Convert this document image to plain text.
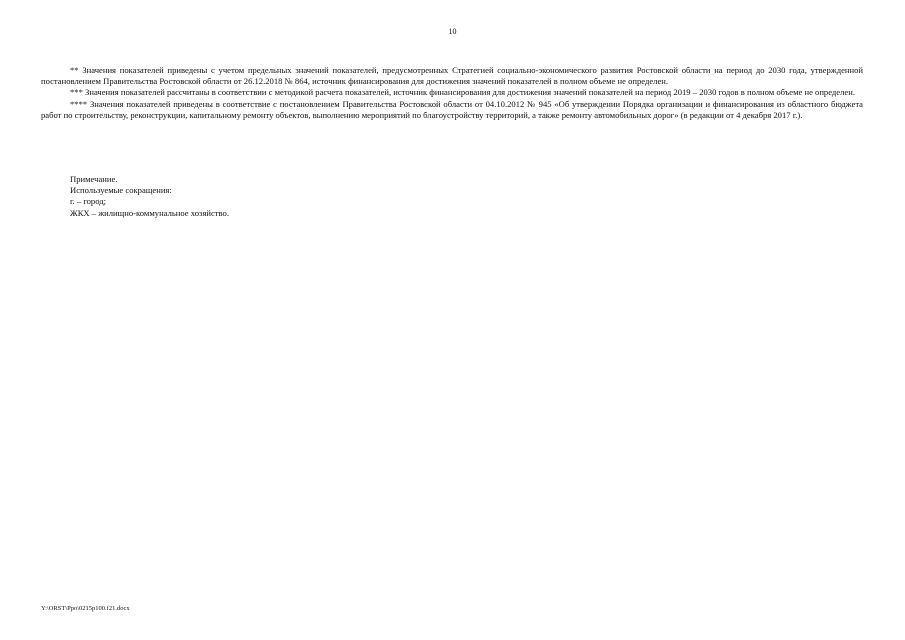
10

** Значения показателей приведены с учетом предельных значений показателей, предусмотренных Стратегией социально-экономического развития Ростовской области на период до 2030 года, утвержденной постановлением Правительства Ростовской области от 26.12.2018 № 864, источник финансирования для достижения значений показателей в полном объеме не определен.

*** Значения показателей рассчитаны в соответствии с методикой расчета показателей, источник финансирования для достижения значений показателей на период 2019 – 2030 годов в полном объеме не определен.

**** Значения показателей приведены в соответствие с постановлением Правительства Ростовской области от 04.10.2012 № 945 «Об утверждении Порядка организации и финансирования из областного бюджета работ по строительству, реконструкции, капитальному ремонту объектов, выполнению мероприятий по благоустройству территорий, а также ремонту автомобильных дорог» (в редакции от 4 декабря 2017 г.).

Примечание.
Используемые сокращения:
г. – город;
ЖКХ – жилищно-коммунальное хозяйство.
Y:\ORST\Ppo\0215p100.f21.docx
